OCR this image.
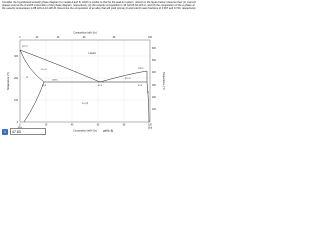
Consider the hypothetical eutectic phase diagram for metals A and B, which is similar to that for the lead-tin system, (shown in the figure below.) Assume that: (1) α and β phases exist at the A and B extremities of the phase diagram, respectively; (2) the eutectic composition is 36 wt% B-64 wt% A; and (3) the composition of the α phase at the eutectic temperature is 88 wt% A-12 wt% B. Determine the composition of an alloy that will yield primary β and total β mass fractions of 0.397 and 0.744, respectively.
Composition (at% Sn)
0	20	40	60	80	100
Temperature (°C)
300
200
100
0
Temperature (°F)
600
500
400
300
200
100
0	20	40	60	80	100
(Sn)
Composition (wt% Sn)
Liquid
α
α + L
β + L
α + β
β
327°C
183°C
232°C
18.3	61.9	97.8
1
47.63	wt% B
